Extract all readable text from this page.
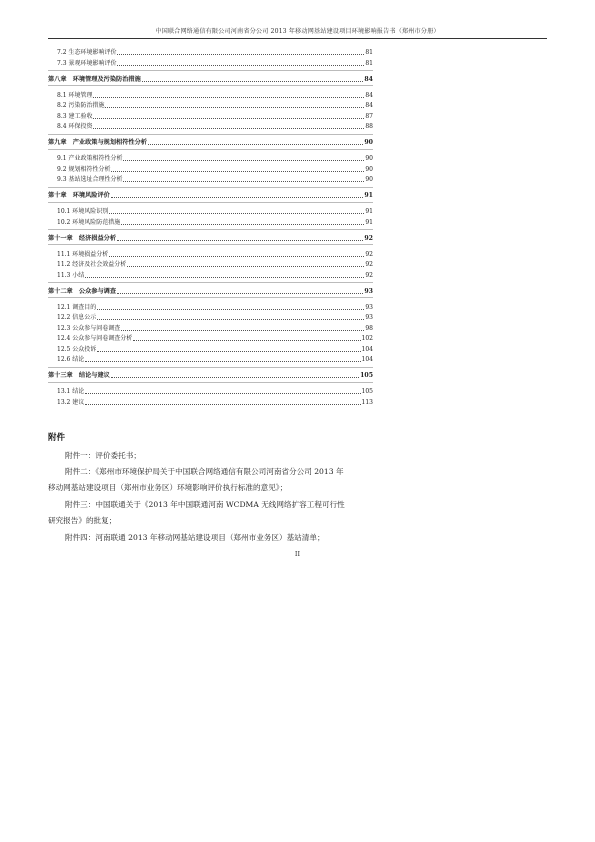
中国联合网络通信有限公司河南省分公司 2013 年移动网基站建设项目环境影响报告书（郑州市分册）
7.2 生态环境影响评价	81
7.3 景观环境影响评价	81
第八章　环境管理及污染防治措施	84
8.1 环境管理	84
8.2 污染防治措施	84
8.3 建工验收	87
8.4 环保投资	88
第九章　产业政策与规划相符性分析	90
9.1 产业政策相符性分析	90
9.2 规划相符性分析	90
9.3 基站选址合理性分析	90
第十章　环境风险评价	91
10.1 环境风险识别	91
10.2 环境风险防范措施	91
第十一章　经济损益分析	92
11.1 环境损益分析	92
11.2 经济及社会效益分析	92
11.3 小结	92
第十二章　公众参与调查	93
12.1 调查目的	93
12.2 信息公示	93
12.3 公众参与问卷调查	98
12.4 公众参与问卷调查分析	102
12.5 公众投诉	104
12.6 结论	104
第十三章　结论与建议	105
13.1 结论	105
13.2 建议	113
附件
附件一：评价委托书；
附件二：《郑州市环境保护局关于中国联合网络通信有限公司河南省分公司 2013 年
移动网基站建设项目（郑州市业务区）环境影响评价执行标准的意见》；
附件三：中国联通关于《2013 年中国联通河南 WCDMA 无线网络扩容工程可行性
研究报告》的批复；
附件四：河南联通 2013 年移动网基站建设项目（郑州市业务区）基站清单；
II
